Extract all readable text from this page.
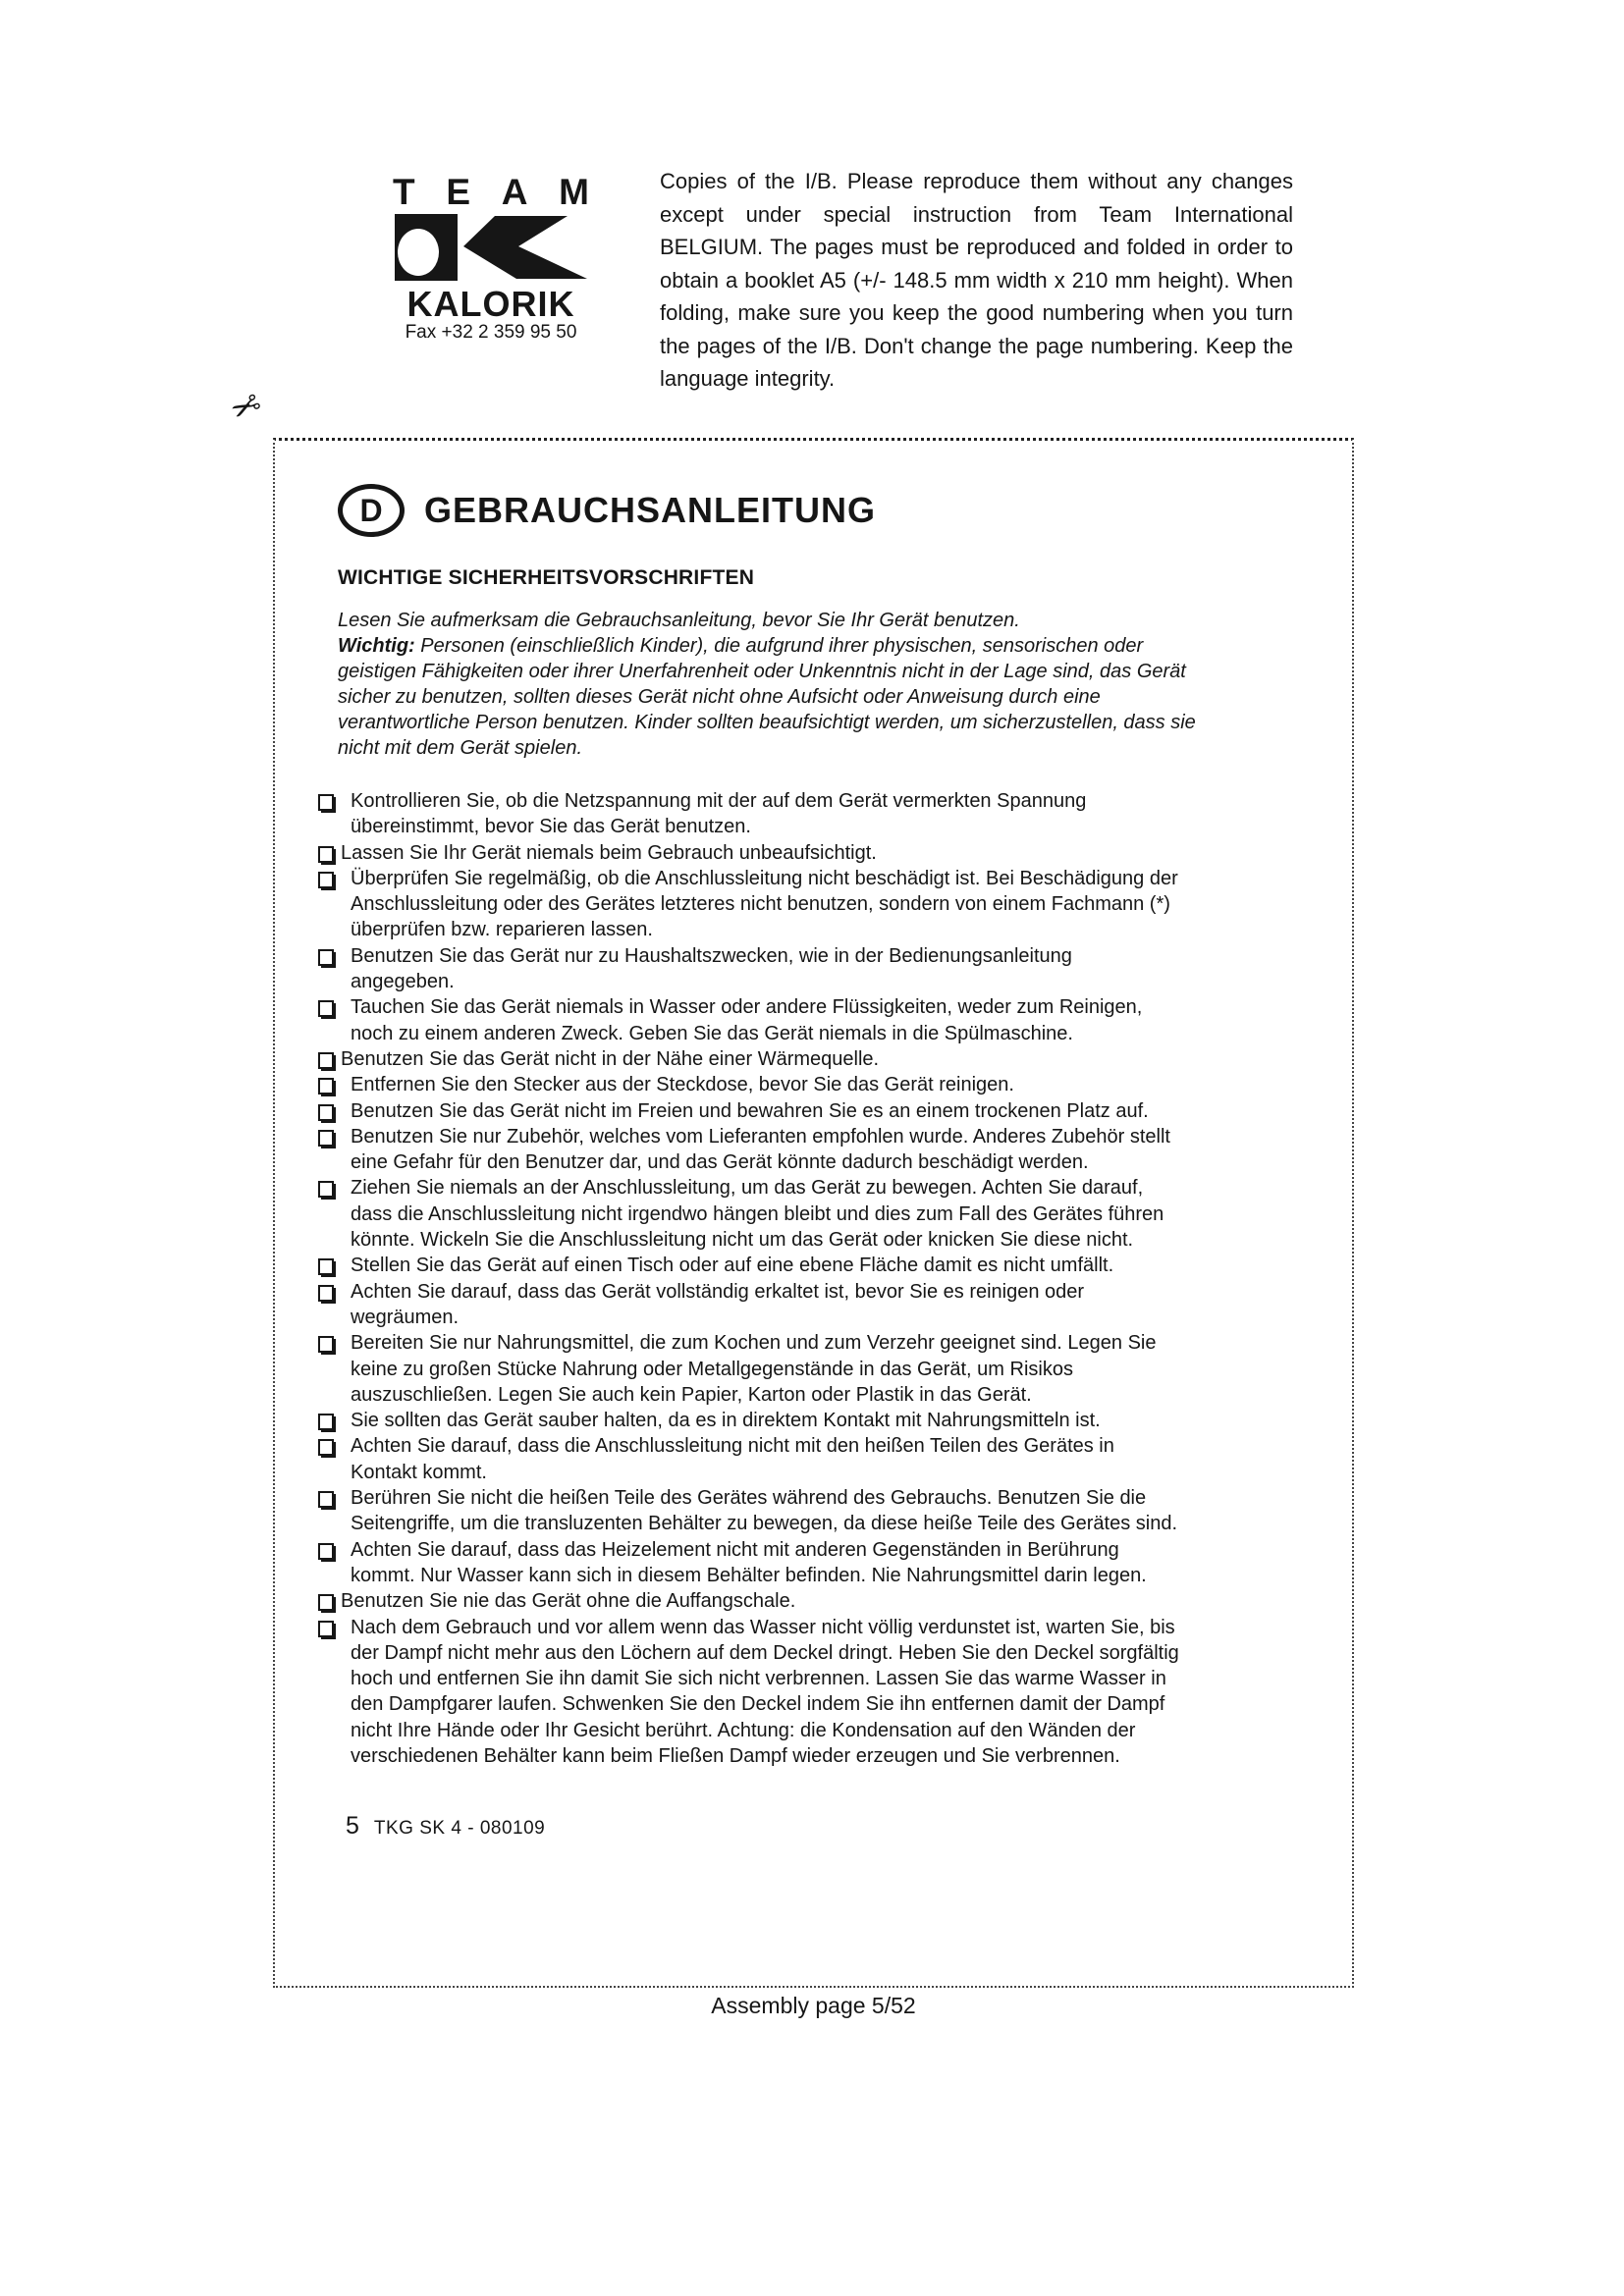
T E A M
KALORIK
Fax +32 2 359 95 50
Copies of the I/B. Please reproduce them without any changes except under special instruction from Team International BELGIUM. The pages must be reproduced and folded in order to obtain a booklet A5 (+/- 148.5 mm width x 210 mm height). When folding, make sure you keep the good numbering when you turn the pages of the I/B. Don't change the page numbering. Keep the language integrity.
✂
D	GEBRAUCHSANLEITUNG
WICHTIGE SICHERHEITSVORSCHRIFTEN
Lesen Sie aufmerksam die Gebrauchsanleitung, bevor Sie Ihr Gerät benutzen.
Wichtig: Personen (einschließlich Kinder), die aufgrund ihrer physischen, sensorischen oder geistigen Fähigkeiten oder ihrer Unerfahrenheit oder Unkenntnis nicht in der Lage sind, das Gerät sicher zu benutzen, sollten dieses Gerät nicht ohne Aufsicht oder Anweisung durch eine verantwortliche Person benutzen. Kinder sollten beaufsichtigt werden, um sicherzustellen, dass sie nicht mit dem Gerät spielen.
Kontrollieren Sie, ob die Netzspannung mit der auf dem Gerät vermerkten Spannung übereinstimmt, bevor Sie das Gerät benutzen.
Lassen Sie Ihr Gerät niemals beim Gebrauch unbeaufsichtigt.
Überprüfen Sie regelmäßig, ob die Anschlussleitung nicht beschädigt ist. Bei Beschädigung der Anschlussleitung oder des Gerätes letzteres nicht benutzen, sondern von einem Fachmann (*) überprüfen bzw. reparieren lassen.
Benutzen Sie das Gerät nur zu Haushaltszwecken, wie in der Bedienungsanleitung angegeben.
Tauchen Sie das Gerät niemals in Wasser oder andere Flüssigkeiten, weder zum Reinigen, noch zu einem anderen Zweck. Geben Sie das Gerät niemals in die Spülmaschine.
Benutzen Sie das Gerät nicht in der Nähe einer Wärmequelle.
Entfernen Sie den Stecker aus der Steckdose, bevor Sie das Gerät reinigen.
Benutzen Sie das Gerät nicht im Freien und bewahren Sie es an einem trockenen Platz auf.
Benutzen Sie nur Zubehör, welches vom Lieferanten empfohlen wurde. Anderes Zubehör stellt eine Gefahr für den Benutzer dar, und das Gerät könnte dadurch beschädigt werden.
Ziehen Sie niemals an der Anschlussleitung, um das Gerät zu bewegen. Achten Sie darauf, dass die Anschlussleitung nicht irgendwo hängen bleibt und dies zum Fall des Gerätes führen könnte. Wickeln Sie die Anschlussleitung nicht um das Gerät oder knicken Sie diese nicht.
Stellen Sie das Gerät auf einen Tisch oder auf eine ebene Fläche damit es nicht umfällt.
Achten Sie darauf, dass das Gerät vollständig erkaltet ist, bevor Sie es reinigen oder wegräumen.
Bereiten Sie nur Nahrungsmittel, die zum Kochen und zum Verzehr geeignet sind. Legen Sie keine zu großen Stücke Nahrung oder Metallgegenstände in das Gerät, um Risikos auszuschließen. Legen Sie auch kein Papier, Karton oder Plastik in das Gerät.
Sie sollten das Gerät sauber halten, da es in direktem Kontakt mit Nahrungsmitteln ist.
Achten Sie darauf, dass die Anschlussleitung nicht mit den heißen Teilen des Gerätes in Kontakt kommt.
Berühren Sie nicht die heißen Teile des Gerätes während des Gebrauchs. Benutzen Sie die Seitengriffe, um die transluzenten Behälter zu bewegen, da diese heiße Teile des Gerätes sind.
Achten Sie darauf, dass das Heizelement nicht mit anderen Gegenständen in Berührung kommt. Nur Wasser kann sich in diesem Behälter befinden. Nie Nahrungsmittel darin legen.
Benutzen Sie nie das Gerät ohne die Auffangschale.
Nach dem Gebrauch und vor allem wenn das Wasser nicht völlig verdunstet ist, warten Sie, bis der Dampf nicht mehr aus den Löchern auf dem Deckel dringt. Heben Sie den Deckel sorgfältig hoch und entfernen Sie ihn damit Sie sich nicht verbrennen. Lassen Sie das warme Wasser in den Dampfgarer laufen. Schwenken Sie den Deckel indem Sie ihn entfernen damit der Dampf nicht Ihre Hände oder Ihr Gesicht berührt. Achtung: die Kondensation auf den Wänden der verschiedenen Behälter kann beim Fließen Dampf wieder erzeugen und Sie verbrennen.
5 TKG SK 4 - 080109
Assembly page 5/52
